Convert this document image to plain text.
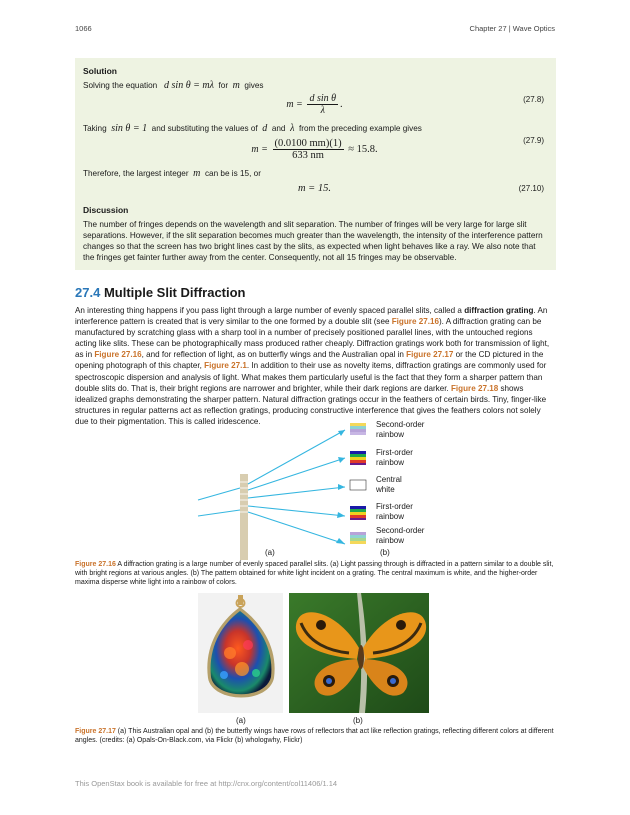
1066	Chapter 27 | Wave Optics

Solution

Solving the equation d sin θ = mλ for m gives

$m = \frac{\text{d sin θ}}{\lambda}$ .	(27.8)

Taking sin θ = 1 and substituting the values of d and λ from the preceding example gives

$m = \frac{(0.0100 mm)(1)}{633 nm} \approx 15.8$.
(27.9)

Therefore, the largest integer m can be is 15, or

m = 15.	(27.10)

Discussion

The number of fringes depends on the wavelength and slit separation. The number of fringes will be very large for large slit separations. However, if the slit separation becomes much greater than the wavelength, the intensity of the interference pattern changes so that the screen has two bright lines cast by the slits, as expected when light behaves like a ray. We also note that the fringes get fainter further away from the center. Consequently, not all 15 fringes may be observable.

27.4 Multiple Slit Diffraction

An interesting thing happens if you pass light through a large number of evenly spaced parallel slits, called a diffraction grating. An interference pattern is created that is very similar to the one formed by a double slit (see Figure 27.16). A diffraction grating can be manufactured by scratching glass with a sharp tool in a number of precisely positioned parallel lines, with the untouched regions acting like slits. These can be photographically mass produced rather cheaply. Diffraction gratings work both for transmission of light, as in Figure 27.16, and for reflection of light, as on butterfly wings and the Australian opal in Figure 27.17 or the CD pictured in the opening photograph of this chapter, Figure 27.1. In addition to their use as novelty items, diffraction gratings are commonly used for spectroscopic dispersion and analysis of light. What makes them particularly useful is the fact that they form a sharper pattern than double slits do. That is, their bright regions are narrower and brighter, while their dark regions are darker. Figure 27.18 shows idealized graphs demonstrating the sharper pattern. Natural diffraction gratings occur in the feathers of certain birds. Tiny, finger-like structures in regular patterns act as reflection gratings, producing constructive interference that gives the feathers colors not solely due to their pigmentation. This is called iridescence.	Second-order
rainbow
First-order
rainbow
Central
white
First-order
rainbow
Second-order
rainbow
(a)	(b)

Figure 27.16 A diffraction grating is a large number of evenly spaced parallel slits. (a) Light passing through is diffracted in a pattern similar to a double slit, with bright regions at various angles. (b) The pattern obtained for white light incident on a grating. The central maximum is white, and the higher-order maxima disperse white light into a rainbow of colors.

(a)	(b)

Figure 27.17 (a) This Australian opal and (b) the butterfly wings have rows of reflectors that act like reflection gratings, reflecting different colors at different angles. (credits: (a) Opals-On-Black.com, via Flickr (b) whologwhy, Flickr)

This OpenStax book is available for free at http://cnx.org/content/col11406/1.14
